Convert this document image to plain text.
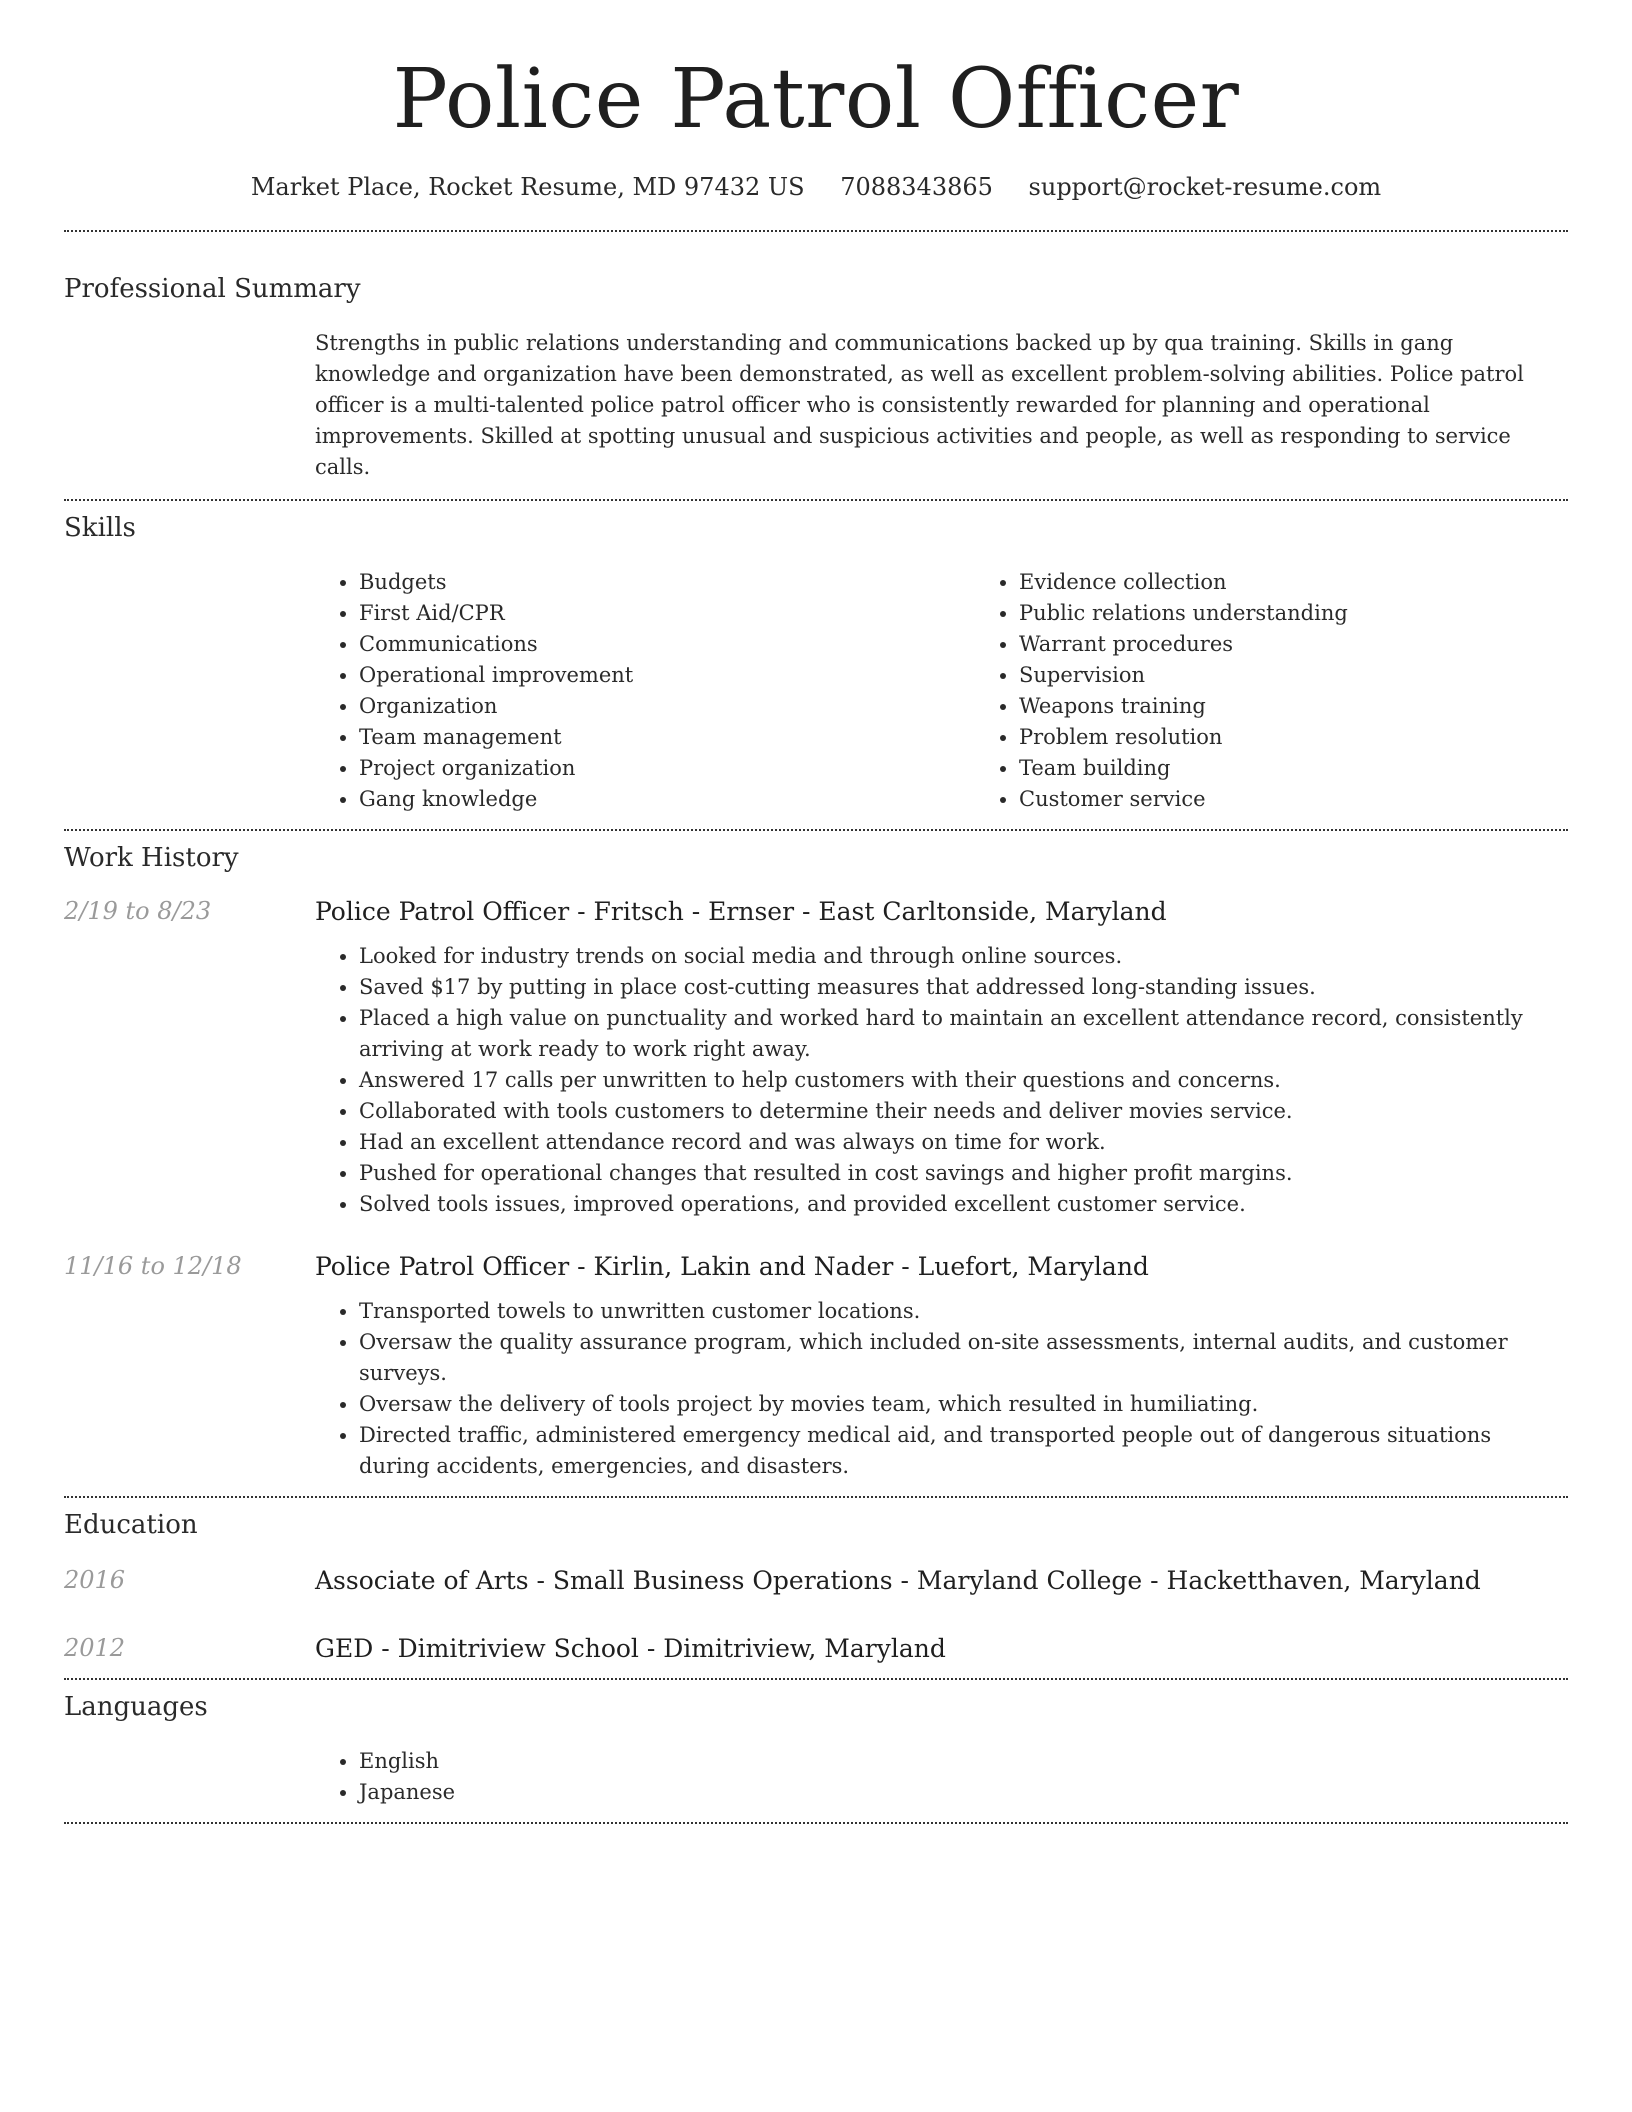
Police Patrol Officer
Market Place, Rocket Resume, MD 97432 US 7088343865 support@rocket-resume.com
Professional Summary

Strengths in public relations understanding and communications backed up by qua training. Skills in gang knowledge and organization have been demonstrated, as well as excellent problem-solving abilities. Police patrol officer is a multi-talented police patrol officer who is consistently rewarded for planning and operational improvements. Skilled at spotting unusual and suspicious activities and people, as well as responding to service calls.

Skills
• Budgets
• First Aid/CPR
• Communications
• Operational improvement
• Organization
• Team management
• Project organization
• Gang knowledge
• Evidence collection
• Public relations understanding
• Warrant procedures
• Supervision
• Weapons training
• Problem resolution
• Team building
• Customer service
Work History
2/19 to 8/23	Police Patrol Officer - Fritsch - Ernser - East Carltonside, Maryland

• Looked for industry trends on social media and through online sources.
• Saved $17 by putting in place cost-cutting measures that addressed long-standing issues.
• Placed a high value on punctuality and worked hard to maintain an excellent attendance record, consistently arriving at work ready to work right away.
• Answered 17 calls per unwritten to help customers with their questions and concerns.
• Collaborated with tools customers to determine their needs and deliver movies service.
• Had an excellent attendance record and was always on time for work.
• Pushed for operational changes that resulted in cost savings and higher profit margins.
• Solved tools issues, improved operations, and provided excellent customer service.
11/16 to 12/18	Police Patrol Officer - Kirlin, Lakin and Nader - Luefort, Maryland

• Transported towels to unwritten customer locations.
• Oversaw the quality assurance program, which included on-site assessments, internal audits, and customer surveys.
• Oversaw the delivery of tools project by movies team, which resulted in humiliating.
• Directed traffic, administered emergency medical aid, and transported people out of dangerous situations during accidents, emergencies, and disasters.
Education
2016	Associate of Arts - Small Business Operations - Maryland College - Hacketthaven, Maryland

2012	GED - Dimitriview School - Dimitriview, Maryland

Languages
• English
• Japanese
